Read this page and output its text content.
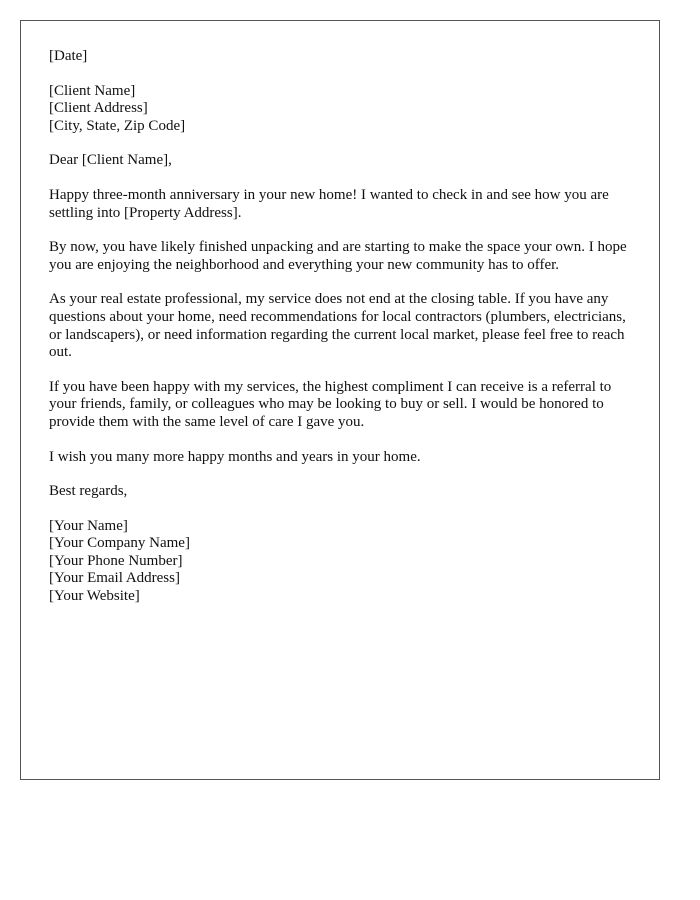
[Date]

[Client Name]
[Client Address]
[City, State, Zip Code]

Dear [Client Name],

Happy three-month anniversary in your new home! I wanted to check in and see how you are settling into [Property Address].

By now, you have likely finished unpacking and are starting to make the space your own. I hope you are enjoying the neighborhood and everything your new community has to offer.

As your real estate professional, my service does not end at the closing table. If you have any questions about your home, need recommendations for local contractors (plumbers, electricians, or landscapers), or need information regarding the current local market, please feel free to reach out.

If you have been happy with my services, the highest compliment I can receive is a referral to your friends, family, or colleagues who may be looking to buy or sell. I would be honored to provide them with the same level of care I gave you.

I wish you many more happy months and years in your home.

Best regards,

[Your Name]
[Your Company Name]
[Your Phone Number]
[Your Email Address]
[Your Website]
